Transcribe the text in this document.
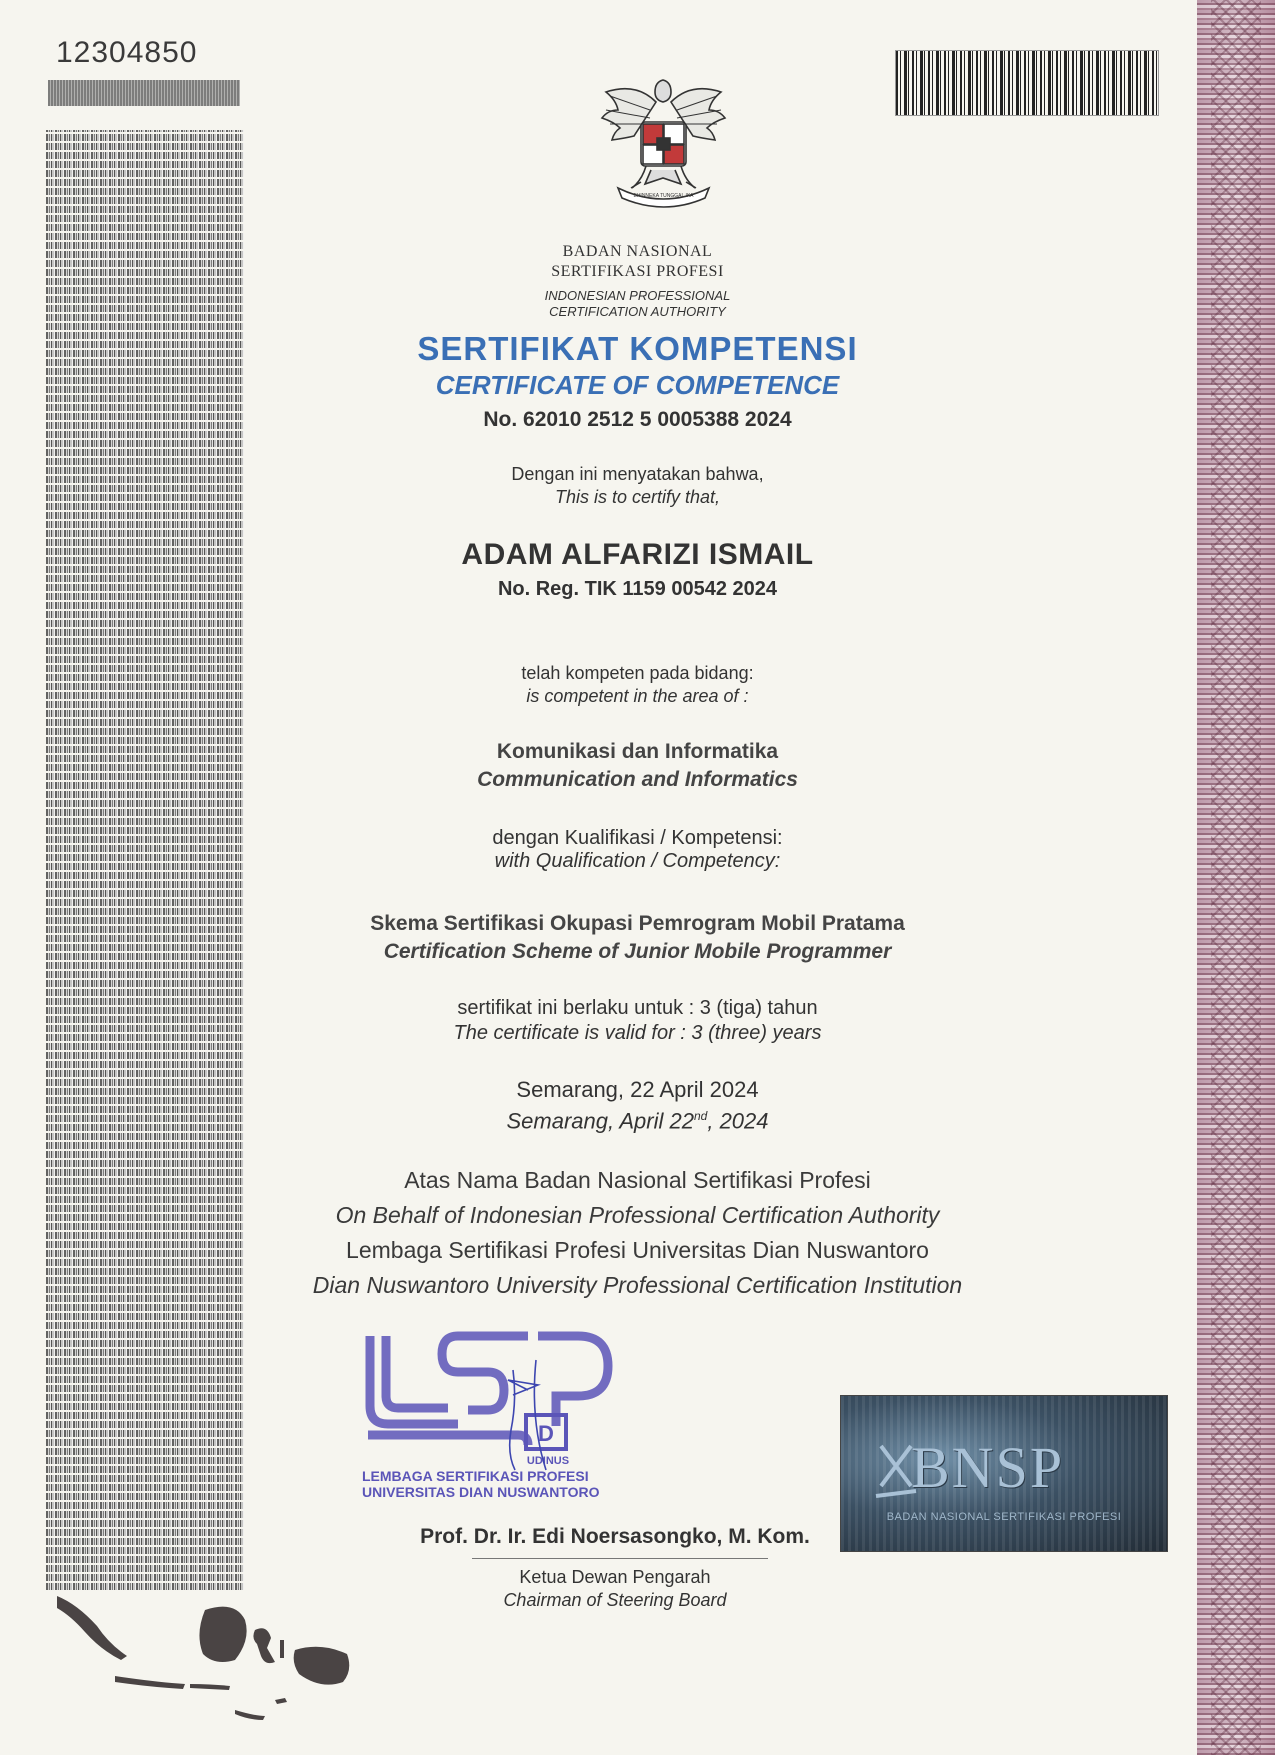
12304850
BHINNEKA TUNGGAL IKA
BADAN NASIONAL
SERTIFIKASI PROFESI
INDONESIAN PROFESSIONAL
CERTIFICATION AUTHORITY
SERTIFIKAT KOMPETENSI
CERTIFICATE OF COMPETENCE
No. 62010 2512 5 0005388 2024
Dengan ini menyatakan bahwa,
This is to certify that,
ADAM ALFARIZI ISMAIL
No. Reg. TIK 1159 00542 2024
telah kompeten pada bidang:
is competent in the area of :
Komunikasi dan Informatika
Communication and Informatics
dengan Kualifikasi / Kompetensi:
with Qualification / Competency:
Skema Sertifikasi Okupasi Pemrogram Mobil Pratama
Certification Scheme of Junior Mobile Programmer
sertifikat ini berlaku untuk : 3 (tiga) tahun
The certificate is valid for : 3 (three) years
Semarang, 22 April 2024
Semarang, April 22nd, 2024
Atas Nama Badan Nasional Sertifikasi Profesi
On Behalf of Indonesian Professional Certification Authority
Lembaga Sertifikasi Profesi Universitas Dian Nuswantoro
Dian Nuswantoro University Professional Certification Institution
D
UDINUS
LEMBAGA SERTIFIKASI PROFESI
UNIVERSITAS DIAN NUSWANTORO
Prof. Dr. Ir. Edi Noersasongko, M. Kom.
Ketua Dewan Pengarah
Chairman of Steering Board
BNSP
BADAN NASIONAL SERTIFIKASI PROFESI
